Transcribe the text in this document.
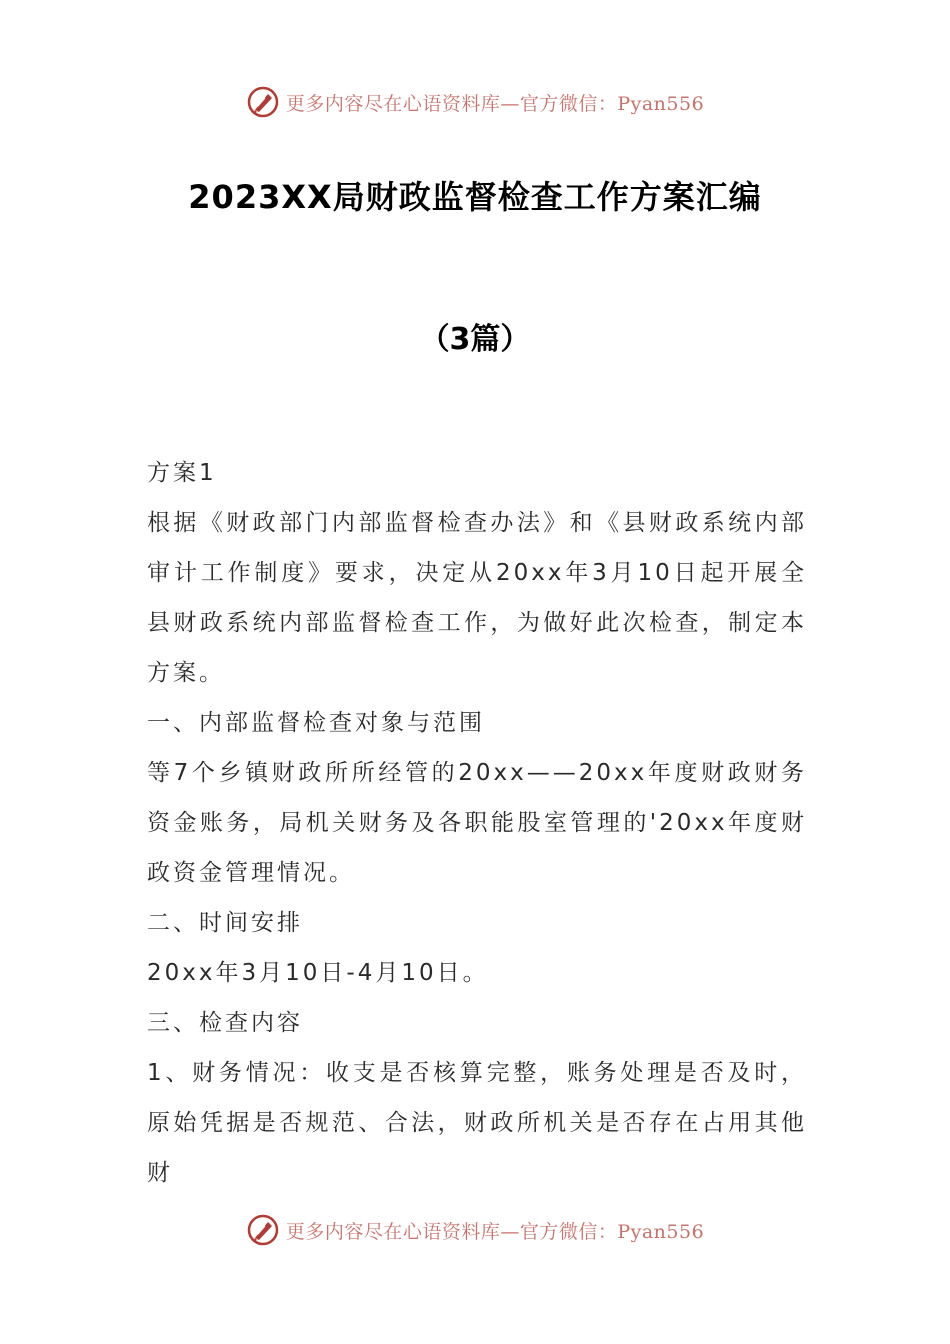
更多内容尽在心语资料库—官方微信：Pyan556
2023XX局财政监督检查工作方案汇编
（3篇）

方案1

根据《财政部门内部监督检查办法》和《县财政系统内部审计工作制度》要求，决定从20xx年3月10日起开展全县财政系统内部监督检查工作，为做好此次检查，制定本方案。

一、内部监督检查对象与范围

等7个乡镇财政所所经管的20xx——20xx年度财政财务资金账务，局机关财务及各职能股室管理的'20xx年度财政资金管理情况。

二、时间安排

20xx年3月10日-4月10日。

三、检查内容

1、财务情况：收支是否核算完整，账务处理是否及时，原始凭据是否规范、合法，财政所机关是否存在占用其他财

更多内容尽在心语资料库—官方微信：Pyan556
